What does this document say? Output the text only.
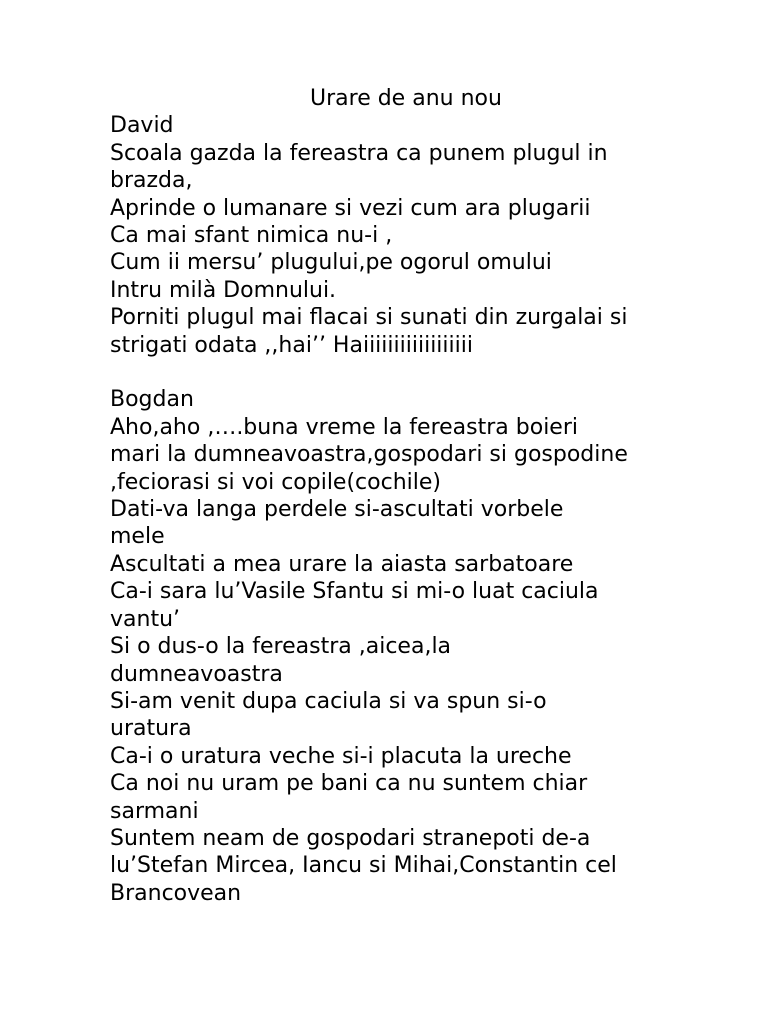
Urare de anu nou

David

Scoala gazda la fereastra ca punem plugul in

brazda,

Aprinde o lumanare si vezi cum ara plugarii

Ca mai sfant nimica nu-i ,

Cum ii mersu’ plugului,pe ogorul omului

Intru milà Domnului.

Porniti plugul mai flacai si sunati din zurgalai si

strigati odata ,,hai’’ Haiiiiiiiiiiiiiiiiii

Bogdan

Aho,aho ,….buna vreme la fereastra boieri

mari la dumneavoastra,gospodari si gospodine

,feciorasi si voi copile(cochile)

Dati-va langa perdele si-ascultati vorbele

mele

Ascultati a mea urare la aiasta sarbatoare

Ca-i sara lu’Vasile Sfantu si mi-o luat caciula

vantu’

Si o dus-o la fereastra ,aicea,la

dumneavoastra

Si-am venit dupa caciula si va spun si-o

uratura

Ca-i o uratura veche si-i placuta la ureche

Ca noi nu uram pe bani ca nu suntem chiar

sarmani

Suntem neam de gospodari stranepoti de-a

lu’Stefan Mircea, Iancu si Mihai,Constantin cel

Brancovean
